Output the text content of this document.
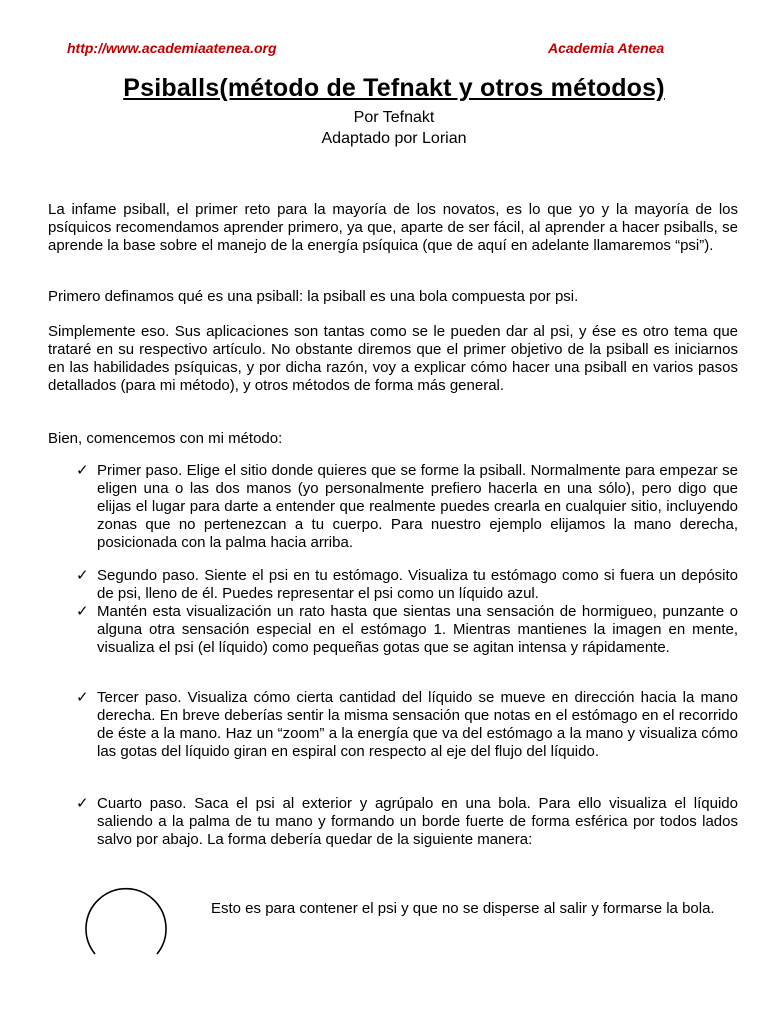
http://www.academiaatenea.org	Academia Atenea
Psiballs(método de Tefnakt y otros métodos)
Por Tefnakt
Adaptado por Lorian
La infame psiball, el primer reto para la mayoría de los novatos, es lo que yo y la mayoría de los psíquicos recomendamos aprender primero, ya que, aparte de ser fácil, al aprender a hacer psiballs, se aprende la base sobre el manejo de la energía psíquica (que de aquí en adelante llamaremos “psi”).
Primero definamos qué es una psiball: la psiball es una bola compuesta por psi.
Simplemente eso. Sus aplicaciones son tantas como se le pueden dar al psi, y ése es otro tema que trataré en su respectivo artículo. No obstante diremos que el primer objetivo de la psiball es iniciarnos en las habilidades psíquicas, y por dicha razón, voy a explicar cómo hacer una psiball en varios pasos detallados (para mi método), y otros métodos de forma más general.
Bien, comencemos con mi método:
✓ Primer paso. Elige el sitio donde quieres que se forme la psiball. Normalmente para empezar se eligen una o las dos manos (yo personalmente prefiero hacerla en una sólo), pero digo que elijas el lugar para darte a entender que realmente puedes crearla en cualquier sitio, incluyendo zonas que no pertenezcan a tu cuerpo. Para nuestro ejemplo elijamos la mano derecha, posicionada con la palma hacia arriba.
✓ Segundo paso. Siente el psi en tu estómago. Visualiza tu estómago como si fuera un depósito de psi, lleno de él. Puedes representar el psi como un líquido azul.
✓ Mantén esta visualización un rato hasta que sientas una sensación de hormigueo, punzante o alguna otra sensación especial en el estómago 1. Mientras mantienes la imagen en mente, visualiza el psi (el líquido) como pequeñas gotas que se agitan intensa y rápidamente.
✓ Tercer paso. Visualiza cómo cierta cantidad del líquido se mueve en dirección hacia la mano derecha. En breve deberías sentir la misma sensación que notas en el estómago en el recorrido de éste a la mano. Haz un “zoom” a la energía que va del estómago a la mano y visualiza cómo las gotas del líquido giran en espiral con respecto al eje del flujo del líquido.
✓ Cuarto paso. Saca el psi al exterior y agrúpalo en una bola. Para ello visualiza el líquido saliendo a la palma de tu mano y formando un borde fuerte de forma esférica por todos lados salvo por abajo. La forma debería quedar de la siguiente manera:
Esto es para contener el psi y que no se disperse al salir y formarse la bola.
